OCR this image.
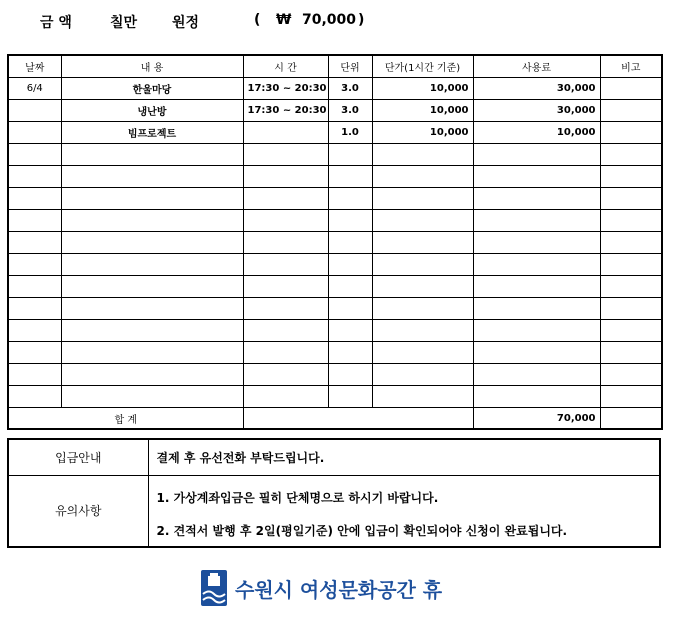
금 액	칠만 원정	( ₩ 70,000 )
날짜	내 용	시 간	단위	단가(1시간 기준)	사용료	비고
6/4	한울마당	17:30 ~ 20:30	3.0	10,000	30,000	
	냉난방	17:30 ~ 20:30	3.0	10,000	30,000	
	빔프로젝트		1.0	10,000	10,000	

합 계					70,000	
입금안내	결제 후 유선전화 부탁드립니다.
유의사항	1. 가상계좌입금은 필히 단체명으로 하시기 바랍니다.
2. 견적서 발행 후 2일(평일기준) 안에 입금이 확인되어야 신청이 완료됩니다.
수원시 여성문화공간 휴
